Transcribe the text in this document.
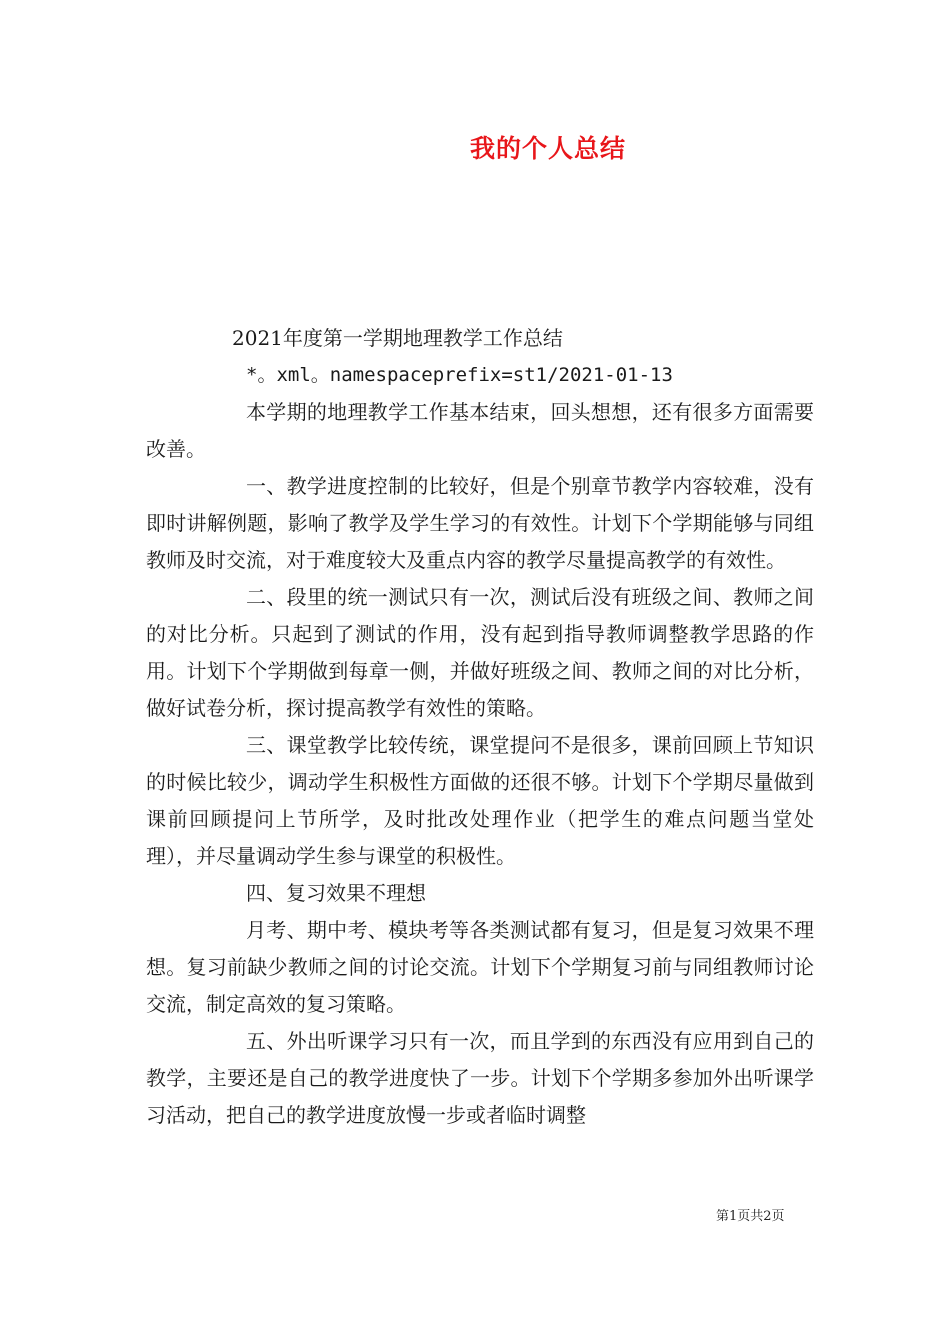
我的个人总结

2021年度第一学期地理教学工作总结

*。xml。namespaceprefix=st1/2021-01-13

本学期的地理教学工作基本结束，回头想想，还有很多方面需要改善。

一、教学进度控制的比较好，但是个别章节教学内容较难，没有即时讲解例题，影响了教学及学生学习的有效性。计划下个学期能够与同组教师及时交流，对于难度较大及重点内容的教学尽量提高教学的有效性。

二、段里的统一测试只有一次，测试后没有班级之间、教师之间的对比分析。只起到了测试的作用，没有起到指导教师调整教学思路的作用。计划下个学期做到每章一侧，并做好班级之间、教师之间的对比分析，做好试卷分析，探讨提高教学有效性的策略。

三、课堂教学比较传统，课堂提问不是很多，课前回顾上节知识的时候比较少，调动学生积极性方面做的还很不够。计划下个学期尽量做到课前回顾提问上节所学，及时批改处理作业（把学生的难点问题当堂处理），并尽量调动学生参与课堂的积极性。

四、复习效果不理想

月考、期中考、模块考等各类测试都有复习，但是复习效果不理想。复习前缺少教师之间的讨论交流。计划下个学期复习前与同组教师讨论交流，制定高效的复习策略。

五、外出听课学习只有一次，而且学到的东西没有应用到自己的教学，主要还是自己的教学进度快了一步。计划下个学期多参加外出听课学习活动，把自己的教学进度放慢一步或者临时调整

第1页共2页
